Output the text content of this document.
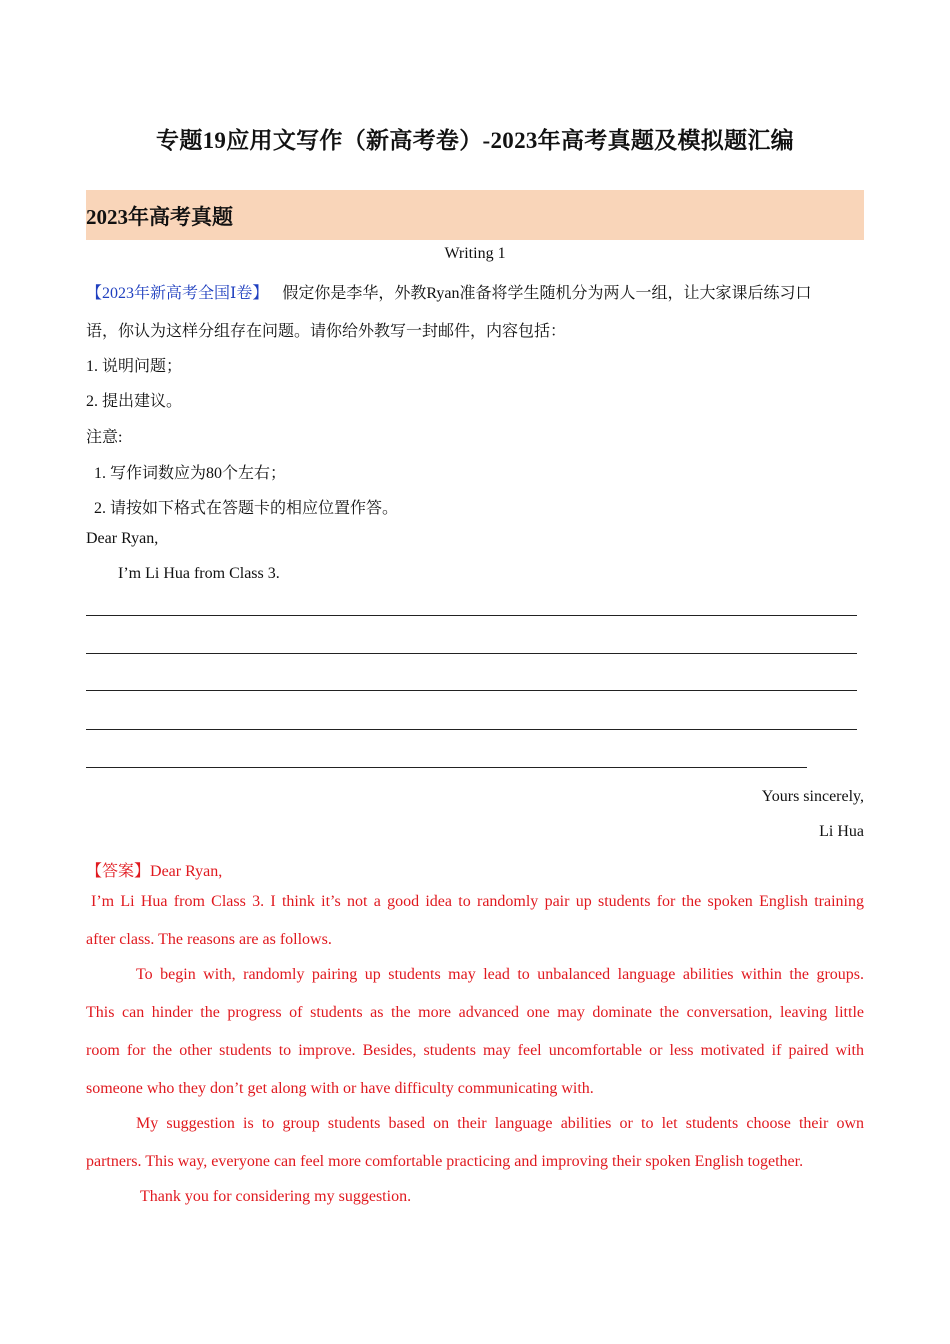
专题19应用文写作（新高考卷）-2023年高考真题及模拟题汇编
2023年高考真题
Writing 1
【2023年新高考全国Ⅰ卷】 假定你是李华，外教Ryan准备将学生随机分为两人一组，让大家课后练习口
语，你认为这样分组存在问题。请你给外教写一封邮件，内容包括：
1. 说明问题；
2. 提出建议。
注意:
1. 写作词数应为80个左右；
2. 请按如下格式在答题卡的相应位置作答。
Dear Ryan,
I’m Li Hua from Class 3.
Yours sincerely,
Li Hua
【答案】Dear Ryan,
I’m Li Hua from Class 3. I think it’s not a good idea to randomly pair up students for the spoken English training
after class. The reasons are as follows.
To begin with, randomly pairing up students may lead to unbalanced language abilities within the groups.
This can hinder the progress of students as the more advanced one may dominate the conversation, leaving little
room for the other students to improve. Besides, students may feel uncomfortable or less motivated if paired with
someone who they don’t get along with or have difficulty communicating with.
My suggestion is to group students based on their language abilities or to let students choose their own
partners. This way, everyone can feel more comfortable practicing and improving their spoken English together.
Thank you for considering my suggestion.
